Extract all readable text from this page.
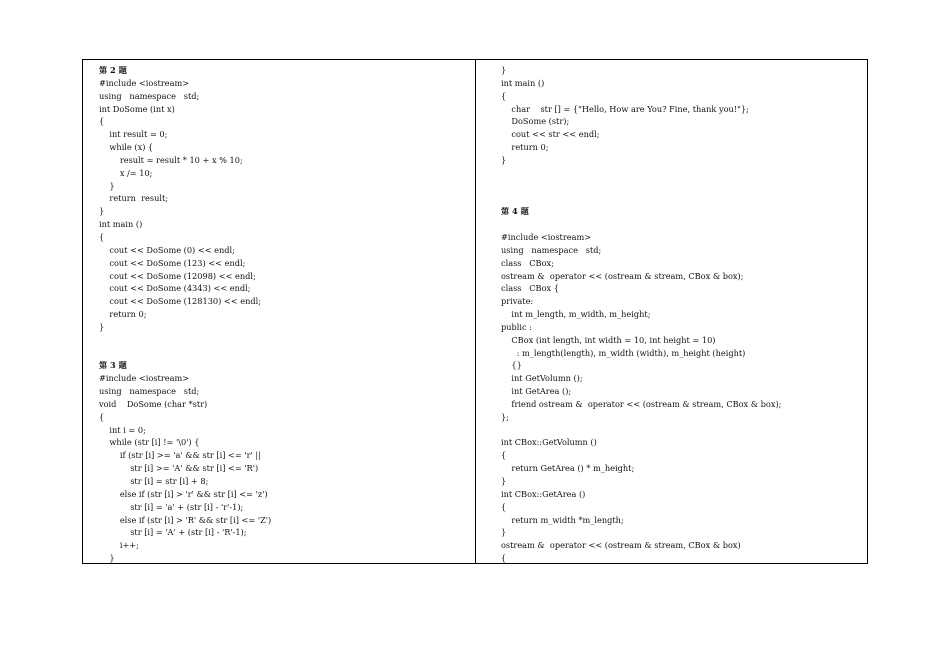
第 2 题
#include <iostream>
using   namespace   std;
int DoSome (int x)
{
int result = 0;
while (x) {
result = result * 10 + x % 10;
x /= 10;
}
return  result;
}
int main ()
{
cout << DoSome (0) << endl;
cout << DoSome (123) << endl;
cout << DoSome (12098) << endl;
cout << DoSome (4343) << endl;
cout << DoSome (128130) << endl;
return 0;
}
第 3 题
#include <iostream>
using   namespace   std;
void    DoSome (char *str)
{
int i = 0;
while (str [i] != '\0') {
if (str [i] >= 'a' && str [i] <= 'r' ||
str [i] >= 'A' && str [i] <= 'R')
str [i] = str [i] + 8;
else if (str [i] > 'r' && str [i] <= 'z')
str [i] = 'a' + (str [i] - 'r'-1);
else if (str [i] > 'R' && str [i] <= 'Z')
str [i] = 'A' + (str [i] - 'R'-1);
i++;
}
}
int main ()
{
char    str [] = {"Hello, How are You? Fine, thank you!"};
DoSome (str);
cout << str << endl;
return 0;
}
第 4 题
#include <iostream>
using   namespace   std;
class   CBox;
ostream &  operator << (ostream & stream, CBox & box);
class   CBox {
private:
int m_length, m_width, m_height;
public :
CBox (int length, int width = 10, int height = 10)
: m_length(length), m_width (width), m_height (height)
{}
int GetVolumn ();
int GetArea ();
friend ostream &  operator << (ostream & stream, CBox & box);
};
int CBox::GetVolumn ()
{
return GetArea () * m_height;
}
int CBox::GetArea ()
{
return m_width *m_length;
}
ostream &  operator << (ostream & stream, CBox & box)
{
